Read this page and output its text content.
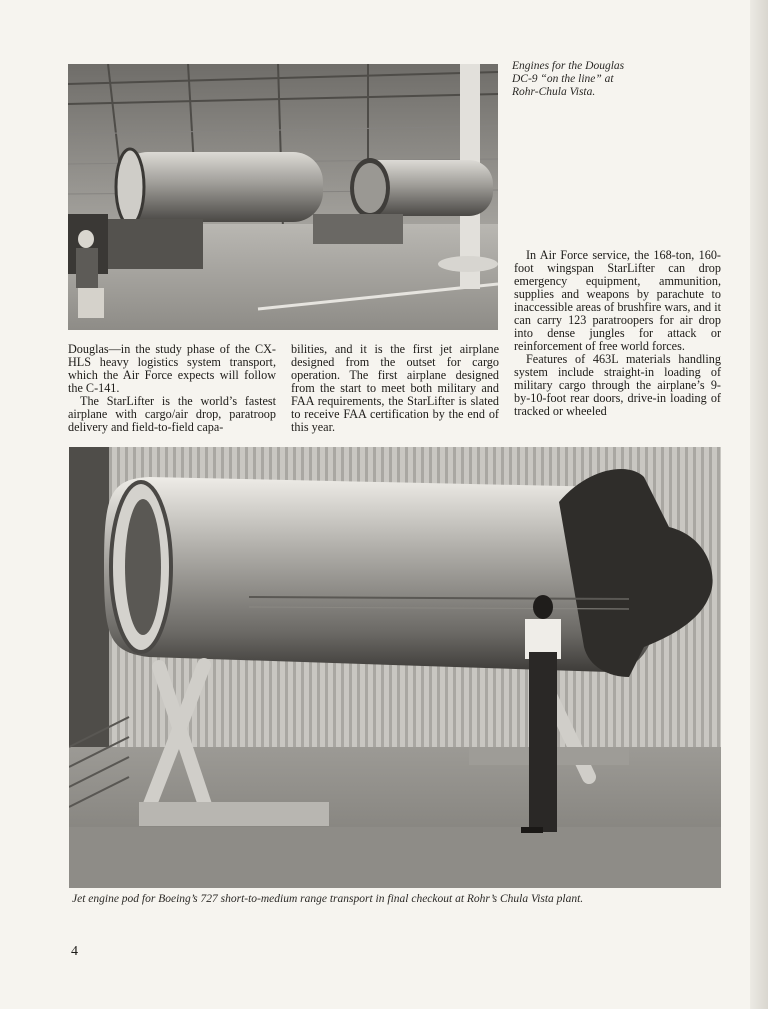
Engines for the Douglas
DC-9 “on the line” at
Rohr-Chula Vista.

Douglas—in the study phase of the CX-HLS heavy logistics system transport, which the Air Force expects will follow the C-141.

The StarLifter is the world’s fastest airplane with cargo/air drop, paratroop delivery and field-to-field capa-

bilities, and it is the first jet airplane designed from the outset for cargo operation. The first airplane designed from the start to meet both military and FAA requirements, the StarLifter is slated to receive FAA certification by the end of this year.

In Air Force service, the 168-ton, 160-foot wingspan StarLifter can drop emergency equipment, ammunition, supplies and weapons by parachute to inaccessible areas of brushfire wars, and it can carry 123 paratroopers for air drop into dense jungles for attack or reinforcement of free world forces.

Features of 463L materials handling system include straight-in loading of military cargo through the airplane’s 9-by-10-foot rear doors, drive-in loading of tracked or wheeled

Jet engine pod for Boeing’s 727 short-to-medium range transport in final checkout at Rohr’s Chula Vista plant.
4
